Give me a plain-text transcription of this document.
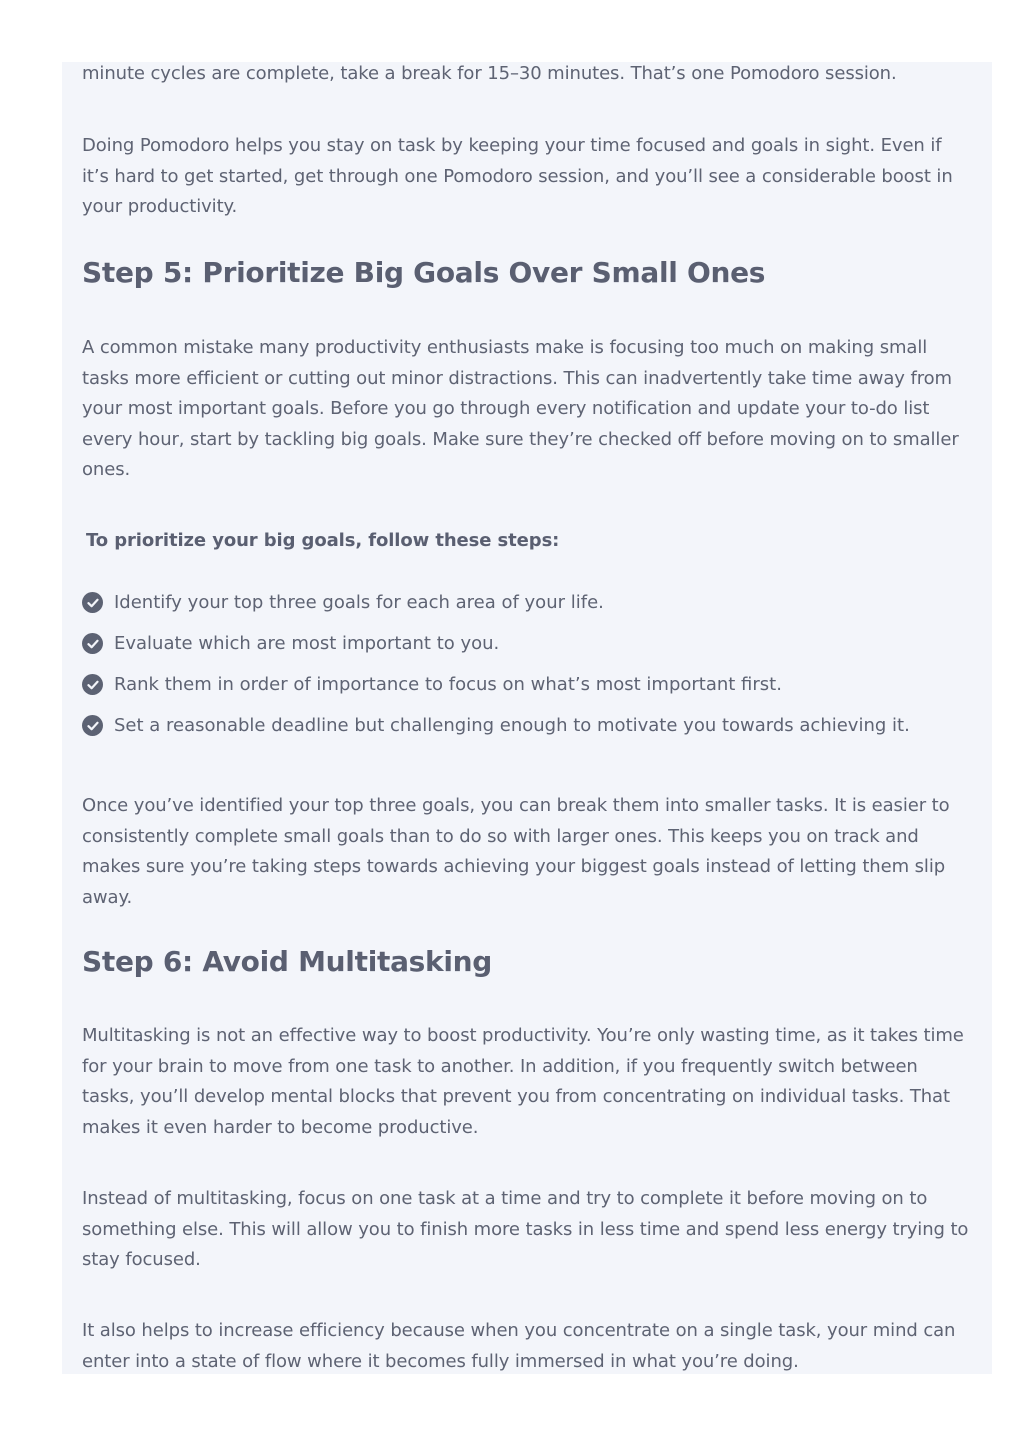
minute cycles are complete, take a break for 15–30 minutes. That’s one Pomodoro session.

Doing Pomodoro helps you stay on task by keeping your time focused and goals in sight. Even if it’s hard to get started, get through one Pomodoro session, and you’ll see a considerable boost in your productivity.

Step 5: Prioritize Big Goals Over Small Ones

A common mistake many productivity enthusiasts make is focusing too much on making small tasks more efficient or cutting out minor distractions. This can inadvertently take time away from your most important goals. Before you go through every notification and update your to-do list every hour, start by tackling big goals. Make sure they’re checked off before moving on to smaller ones.

To prioritize your big goals, follow these steps:

Identify your top three goals for each area of your life.
Evaluate which are most important to you.
Rank them in order of importance to focus on what’s most important first.
Set a reasonable deadline but challenging enough to motivate you towards achieving it.

Once you’ve identified your top three goals, you can break them into smaller tasks. It is easier to consistently complete small goals than to do so with larger ones. This keeps you on track and makes sure you’re taking steps towards achieving your biggest goals instead of letting them slip away.

Step 6: Avoid Multitasking

Multitasking is not an effective way to boost productivity. You’re only wasting time, as it takes time for your brain to move from one task to another. In addition, if you frequently switch between tasks, you’ll develop mental blocks that prevent you from concentrating on individual tasks. That makes it even harder to become productive.

Instead of multitasking, focus on one task at a time and try to complete it before moving on to something else. This will allow you to finish more tasks in less time and spend less energy trying to stay focused.

It also helps to increase efficiency because when you concentrate on a single task, your mind can enter into a state of flow where it becomes fully immersed in what you’re doing.
